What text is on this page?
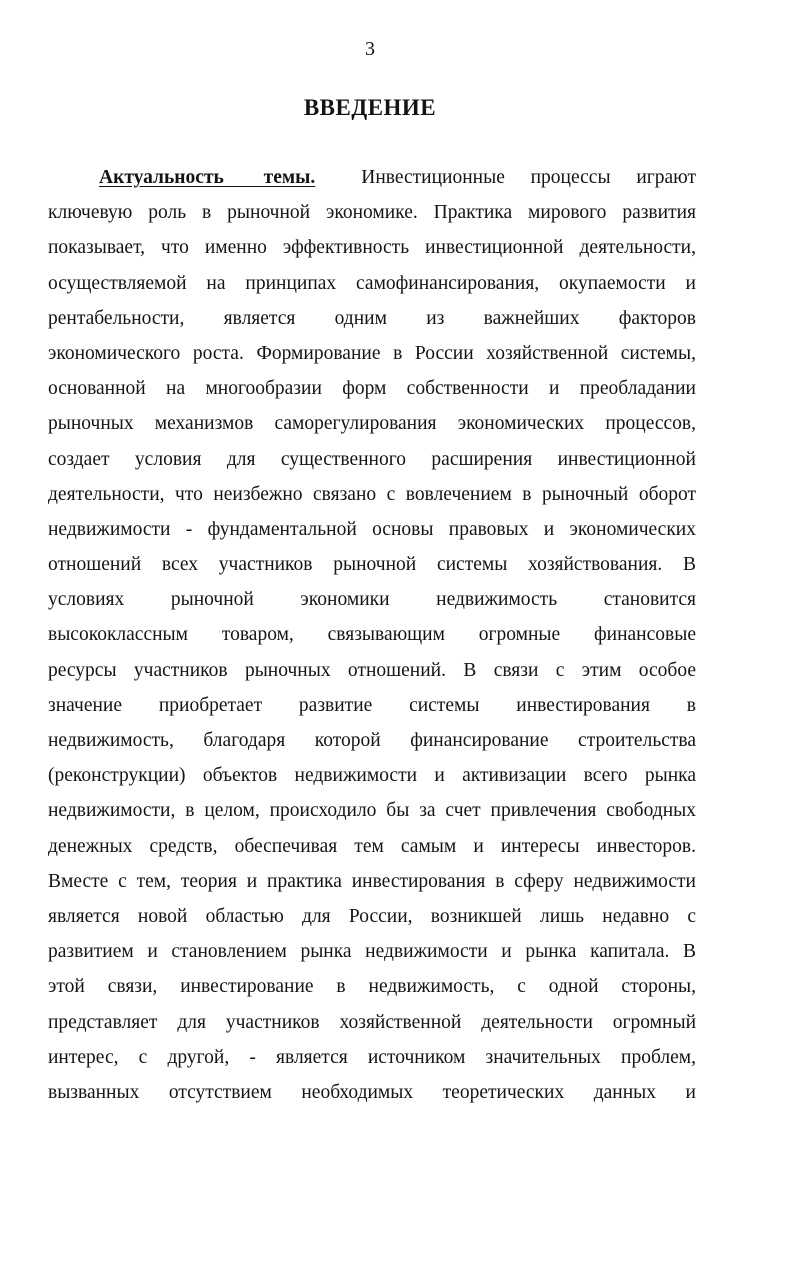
3
ВВЕДЕНИЕ
Актуальность темы. Инвестиционные процессы играют
ключевую роль в рыночной экономике. Практика мирового развития
показывает, что именно эффективность инвестиционной деятельности,
осуществляемой на принципах самофинансирования, окупаемости и
рентабельности, является одним из важнейших факторов
экономического роста. Формирование в России хозяйственной системы,
основанной на многообразии форм собственности и преобладании
рыночных механизмов саморегулирования экономических процессов,
создает условия для существенного расширения инвестиционной
деятельности, что неизбежно связано с вовлечением в рыночный оборот
недвижимости - фундаментальной основы правовых и экономических
отношений всех участников рыночной системы хозяйствования. В
условиях рыночной экономики недвижимость становится
высококлассным товаром, связывающим огромные финансовые
ресурсы участников рыночных отношений. В связи с этим особое
значение приобретает развитие системы инвестирования в
недвижимость, благодаря которой финансирование строительства
(реконструкции) объектов недвижимости и активизации всего рынка
недвижимости, в целом, происходило бы за счет привлечения свободных
денежных средств, обеспечивая тем самым и интересы инвесторов.
Вместе с тем, теория и практика инвестирования в сферу недвижимости
является новой областью для России, возникшей лишь недавно с
развитием и становлением рынка недвижимости и рынка капитала. В
этой связи, инвестирование в недвижимость, с одной стороны,
представляет для участников хозяйственной деятельности огромный
интерес, с другой, - является источником значительных проблем,
вызванных отсутствием необходимых теоретических данных и
